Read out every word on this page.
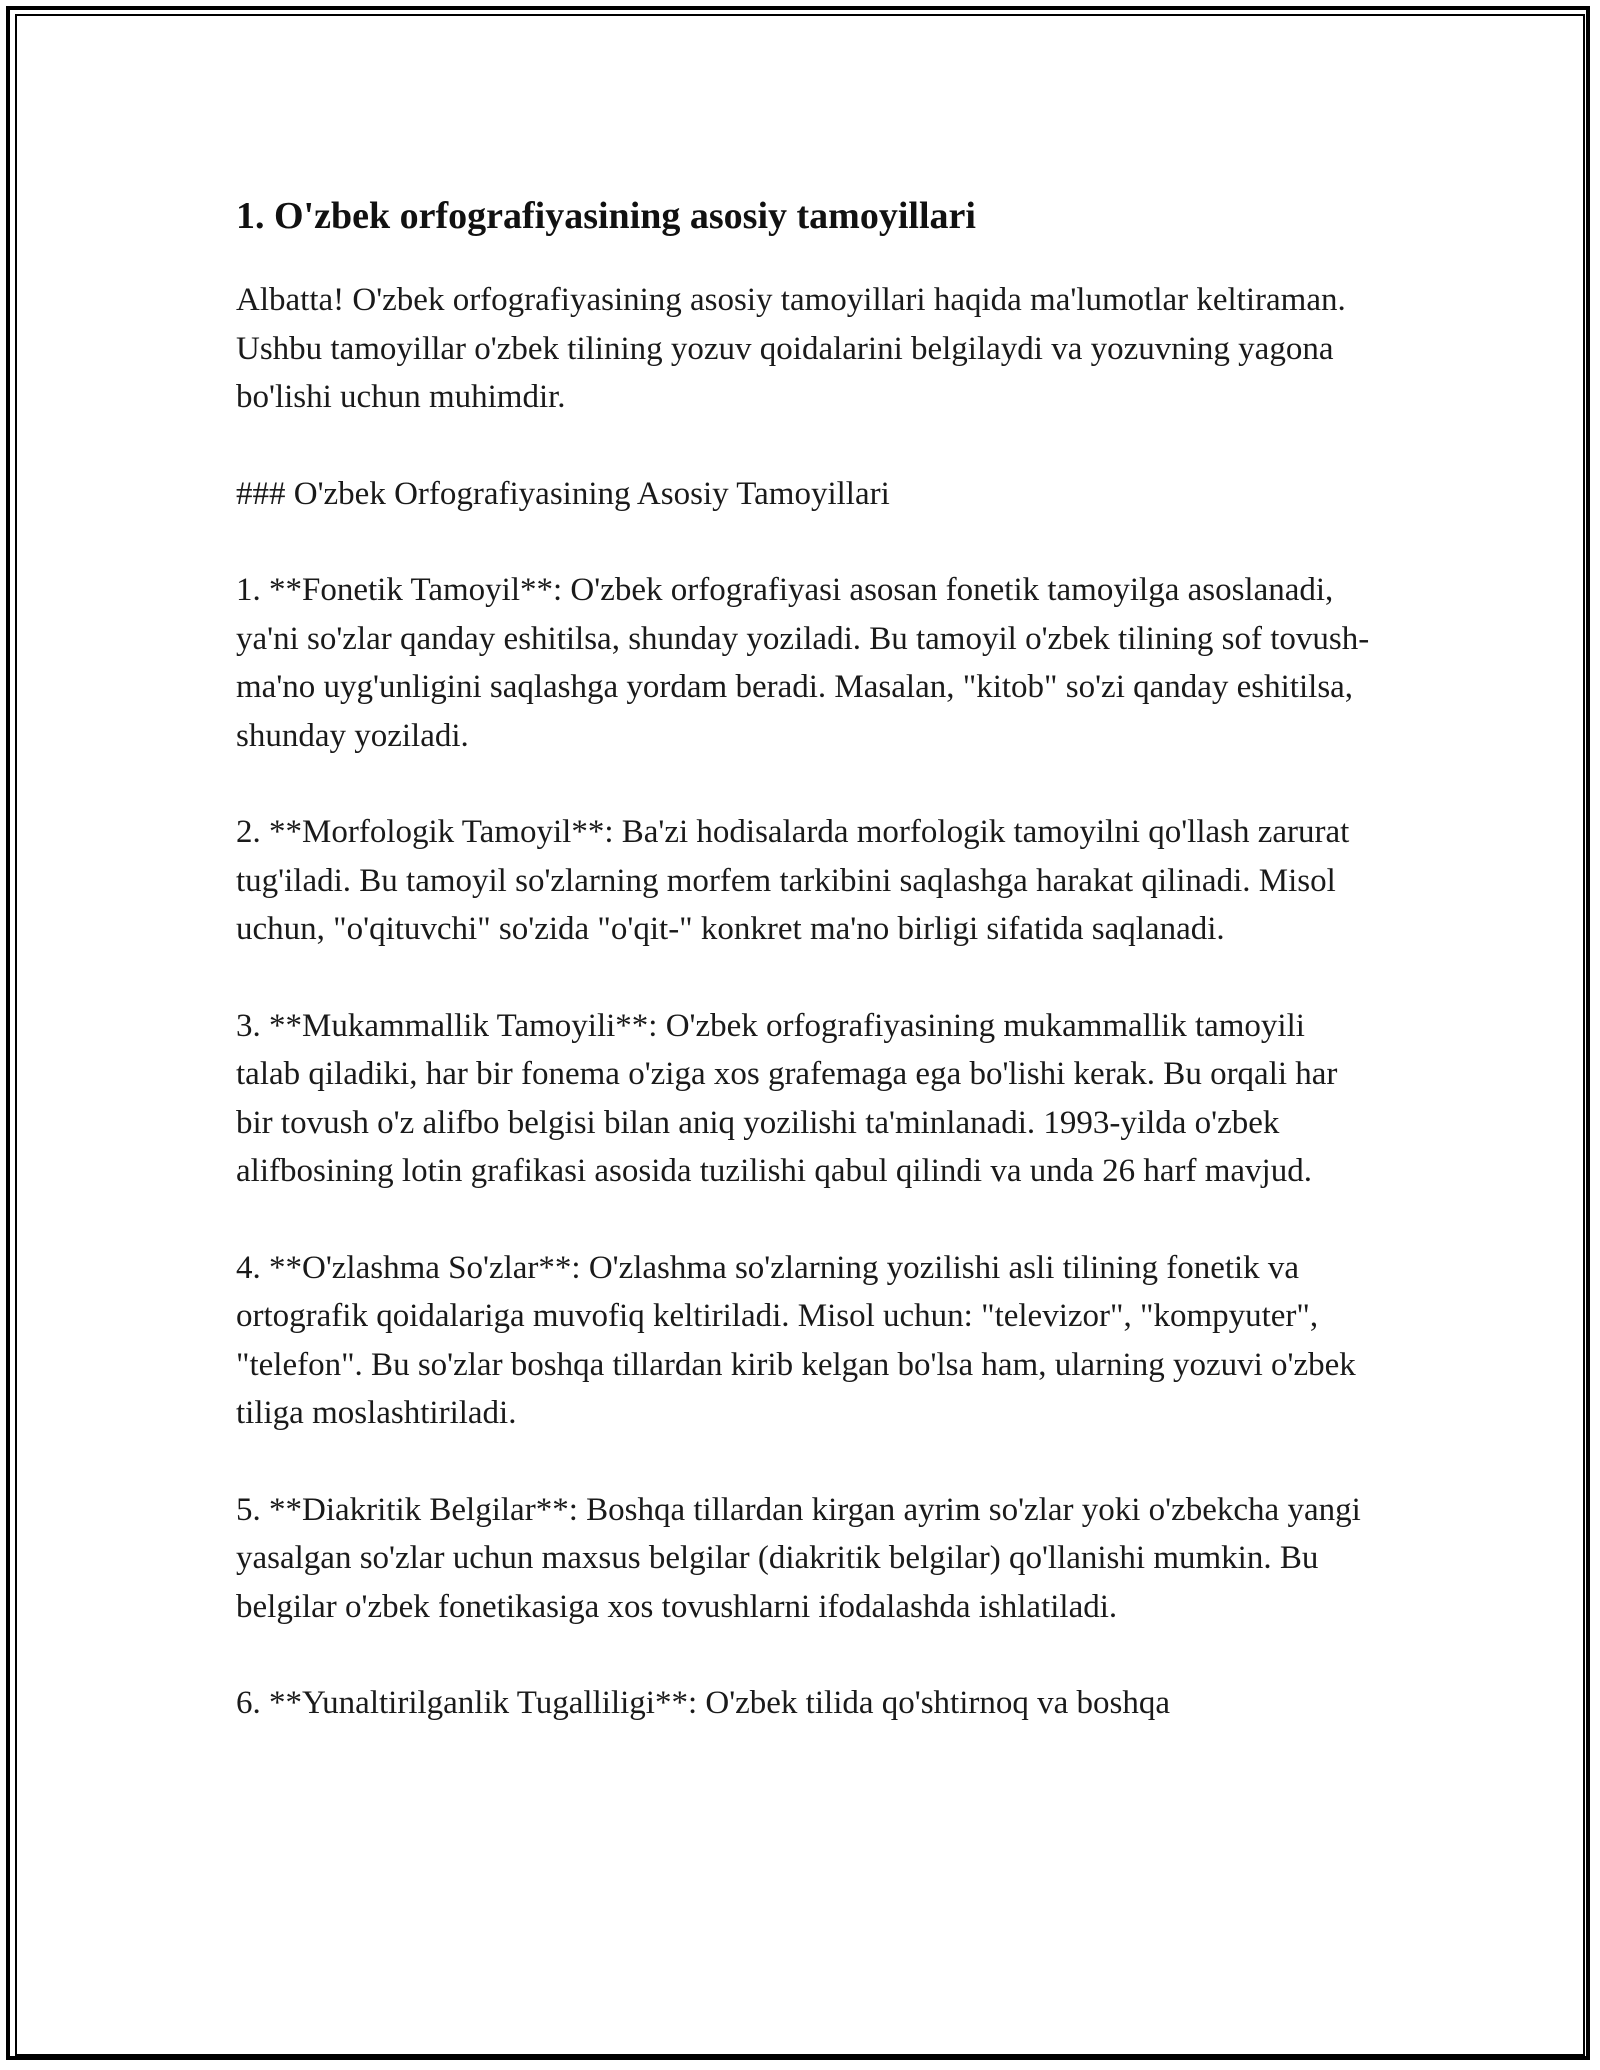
1. O'zbek orfografiyasining asosiy tamoyillari

Albatta! O'zbek orfografiyasining asosiy tamoyillari haqida ma'lumotlar keltiraman. Ushbu tamoyillar o'zbek tilining yozuv qoidalarini belgilaydi va yozuvning yagona bo'lishi uchun muhimdir.

### O'zbek Orfografiyasining Asosiy Tamoyillari

1. **Fonetik Tamoyil**: O'zbek orfografiyasi asosan fonetik tamoyilga asoslanadi, ya'ni so'zlar qanday eshitilsa, shunday yoziladi. Bu tamoyil o'zbek tilining sof tovush-ma'no uyg'unligini saqlashga yordam beradi. Masalan, "kitob" so'zi qanday eshitilsa, shunday yoziladi.

2. **Morfologik Tamoyil**: Ba'zi hodisalarda morfologik tamoyilni qo'llash zarurat tug'iladi. Bu tamoyil so'zlarning morfem tarkibini saqlashga harakat qilinadi. Misol uchun, "o'qituvchi" so'zida "o'qit-" konkret ma'no birligi sifatida saqlanadi.

3. **Mukammallik Tamoyili**: O'zbek orfografiyasining mukammallik tamoyili talab qiladiki, har bir fonema o'ziga xos grafemaga ega bo'lishi kerak. Bu orqali har bir tovush o'z alifbo belgisi bilan aniq yozilishi ta'minlanadi. 1993-yilda o'zbek alifbosining lotin grafikasi asosida tuzilishi qabul qilindi va unda 26 harf mavjud.

4. **O'zlashma So'zlar**: O'zlashma so'zlarning yozilishi asli tilining fonetik va ortografik qoidalariga muvofiq keltiriladi. Misol uchun: "televizor", "kompyuter", "telefon". Bu so'zlar boshqa tillardan kirib kelgan bo'lsa ham, ularning yozuvi o'zbek tiliga moslashtiriladi.

5. **Diakritik Belgilar**: Boshqa tillardan kirgan ayrim so'zlar yoki o'zbekcha yangi yasalgan so'zlar uchun maxsus belgilar (diakritik belgilar) qo'llanishi mumkin. Bu belgilar o'zbek fonetikasiga xos tovushlarni ifodalashda ishlatiladi.

6. **Yunaltirilganlik Tugalliligi**: O'zbek tilida qo'shtirnoq va boshqa
